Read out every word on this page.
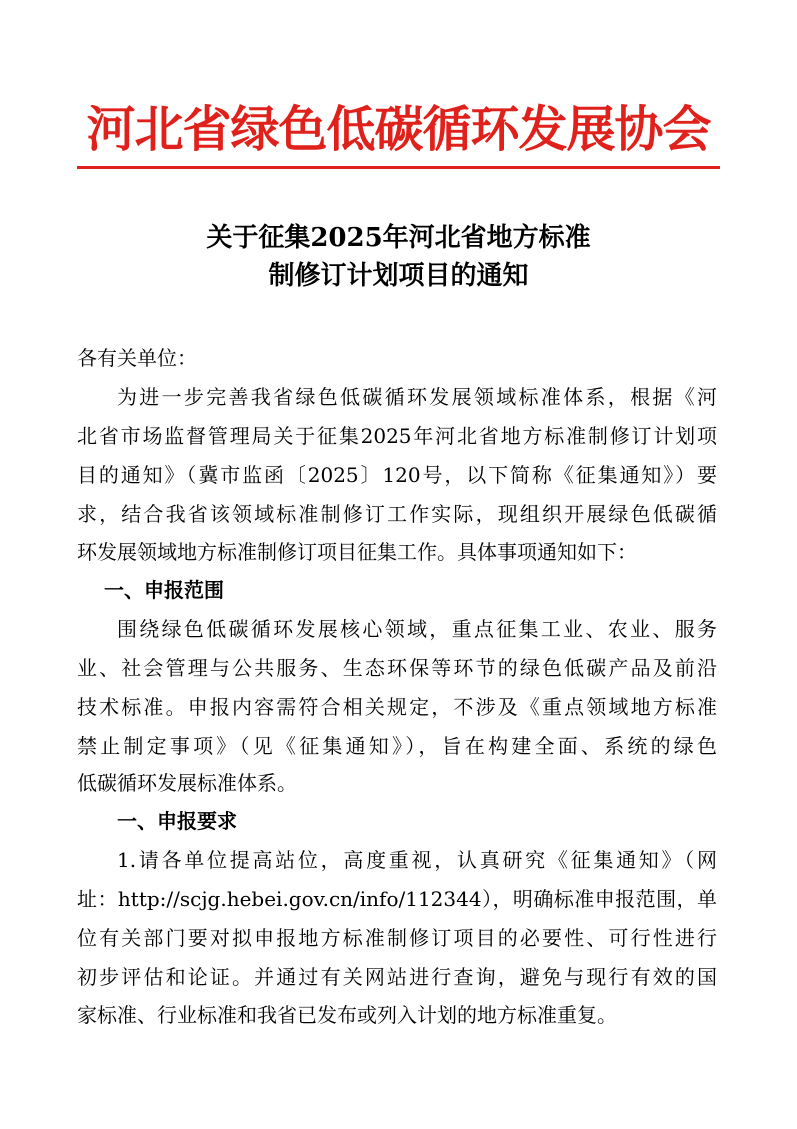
河北省绿色低碳循环发展协会
关于征集2025年河北省地方标准
制修订计划项目的通知
各有关单位：
为进一步完善我省绿色低碳循环发展领域标准体系，根据《河
北省市场监督管理局关于征集2025年河北省地方标准制修订计划项
目的通知》（冀市监函〔2025〕120号，以下简称《征集通知》）要
求，结合我省该领域标准制修订工作实际，现组织开展绿色低碳循
环发展领域地方标准制修订项目征集工作。具体事项通知如下：
一、申报范围
围绕绿色低碳循环发展核心领域，重点征集工业、农业、服务
业、社会管理与公共服务、生态环保等环节的绿色低碳产品及前沿
技术标准。申报内容需符合相关规定，不涉及《重点领域地方标准
禁止制定事项》（见《征集通知》），旨在构建全面、系统的绿色
低碳循环发展标准体系。
一、申报要求
1.请各单位提高站位，高度重视，认真研究《征集通知》（网
址：http://scjg.hebei.gov.cn/info/112344），明确标准申报范围，单
位有关部门要对拟申报地方标准制修订项目的必要性、可行性进行
初步评估和论证。并通过有关网站进行查询，避免与现行有效的国
家标准、行业标准和我省已发布或列入计划的地方标准重复。
